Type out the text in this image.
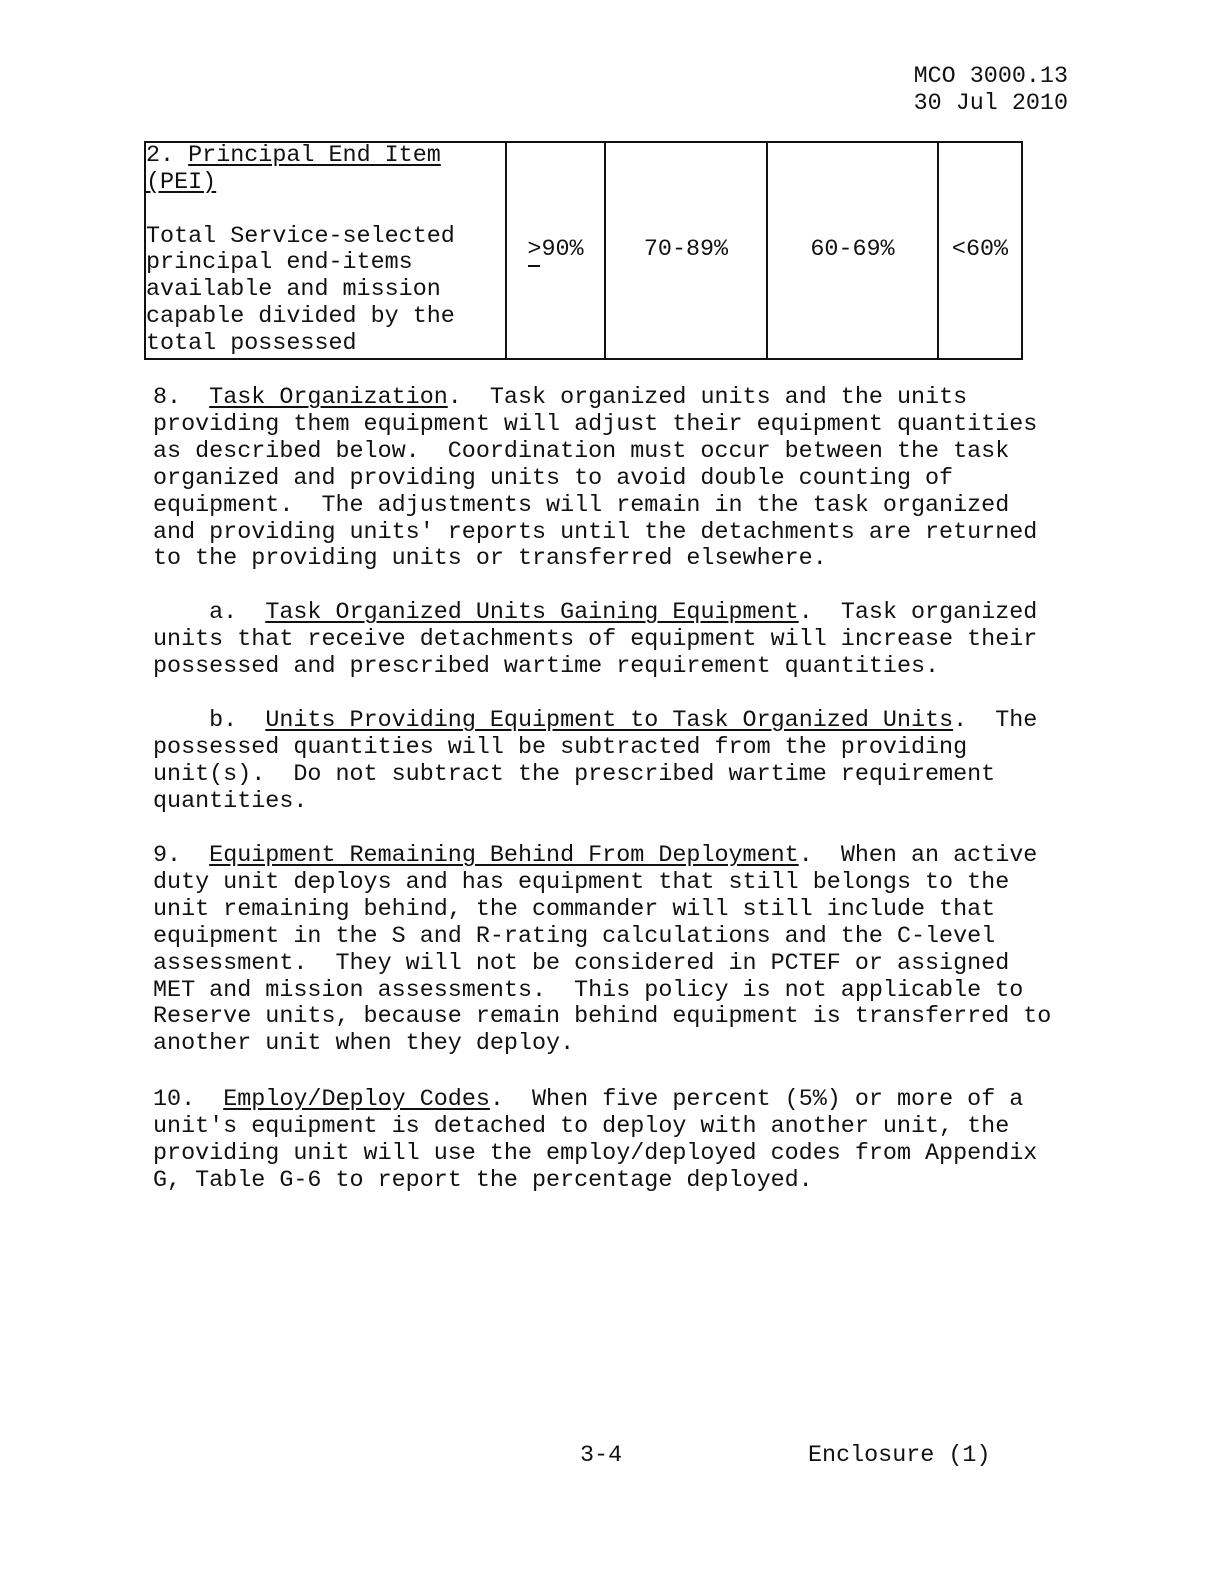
MCO 3000.13
30 Jul 2010
2. Principal End Item
(PEI)
Total Service-selected
principal end-items
available and mission
capable divided by the
total possessed
	>90%	70-89%	60-69%	<60%
8. Task Organization.  Task organized units and the units
providing them equipment will adjust their equipment quantities
as described below.  Coordination must occur between the task
organized and providing units to avoid double counting of
equipment.  The adjustments will remain in the task organized
and providing units' reports until the detachments are returned
to the providing units or transferred elsewhere.
a. Task Organized Units Gaining Equipment.  Task organized
units that receive detachments of equipment will increase their
possessed and prescribed wartime requirement quantities.
b. Units Providing Equipment to Task Organized Units.  The
possessed quantities will be subtracted from the providing
unit(s).  Do not subtract the prescribed wartime requirement
quantities.
9. Equipment Remaining Behind From Deployment.  When an active
duty unit deploys and has equipment that still belongs to the
unit remaining behind, the commander will still include that
equipment in the S and R-rating calculations and the C-level
assessment.  They will not be considered in PCTEF or assigned
MET and mission assessments.  This policy is not applicable to
Reserve units, because remain behind equipment is transferred to
another unit when they deploy.
10. Employ/Deploy Codes.  When five percent (5%) or more of a
unit's equipment is detached to deploy with another unit, the
providing unit will use the employ/deployed codes from Appendix
G, Table G-6 to report the percentage deployed.
3-4	Enclosure (1)
